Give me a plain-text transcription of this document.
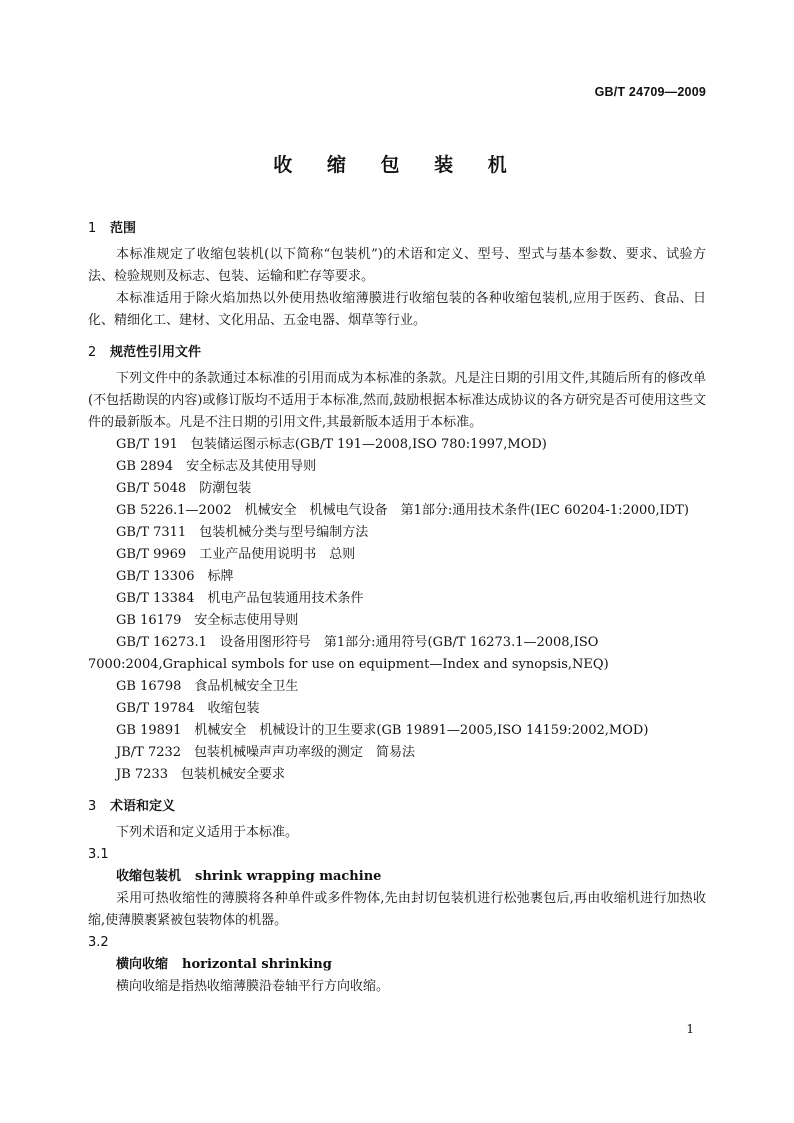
GB/T 24709—2009
收 缩 包 装 机
1 范围
本标准规定了收缩包装机(以下简称“包装机”)的术语和定义、型号、型式与基本参数、要求、试验方法、检验规则及标志、包装、运输和贮存等要求。
本标准适用于除火焰加热以外使用热收缩薄膜进行收缩包装的各种收缩包装机,应用于医药、食品、日化、精细化工、建材、文化用品、五金电器、烟草等行业。
2 规范性引用文件
下列文件中的条款通过本标准的引用而成为本标准的条款。凡是注日期的引用文件,其随后所有的修改单(不包括勘误的内容)或修订版均不适用于本标准,然而,鼓励根据本标准达成协议的各方研究是否可使用这些文件的最新版本。凡是不注日期的引用文件,其最新版本适用于本标准。
GB/T 191　包装储运图示标志(GB/T 191—2008,ISO 780:1997,MOD)
GB 2894　安全标志及其使用导则
GB/T 5048　防潮包装
GB 5226.1—2002　机械安全　机械电气设备　第1部分:通用技术条件(IEC 60204-1:2000,IDT)
GB/T 7311　包装机械分类与型号编制方法
GB/T 9969　工业产品使用说明书　总则
GB/T 13306　标牌
GB/T 13384　机电产品包装通用技术条件
GB 16179　安全标志使用导则
GB/T 16273.1　设备用图形符号　第1部分:通用符号(GB/T 16273.1—2008,ISO 7000:2004,Graphical symbols for use on equipment—Index and synopsis,NEQ)
GB 16798　食品机械安全卫生
GB/T 19784　收缩包装
GB 19891　机械安全　机械设计的卫生要求(GB 19891—2005,ISO 14159:2002,MOD)
JB/T 7232　包装机械噪声声功率级的测定　简易法
JB 7233　包装机械安全要求
3 术语和定义
下列术语和定义适用于本标准。
3.1
收缩包装机 shrink wrapping machine
采用可热收缩性的薄膜将各种单件或多件物体,先由封切包装机进行松弛裹包后,再由收缩机进行加热收缩,使薄膜裹紧被包装物体的机器。
3.2
横向收缩 horizontal shrinking
横向收缩是指热收缩薄膜沿卷轴平行方向收缩。
1
